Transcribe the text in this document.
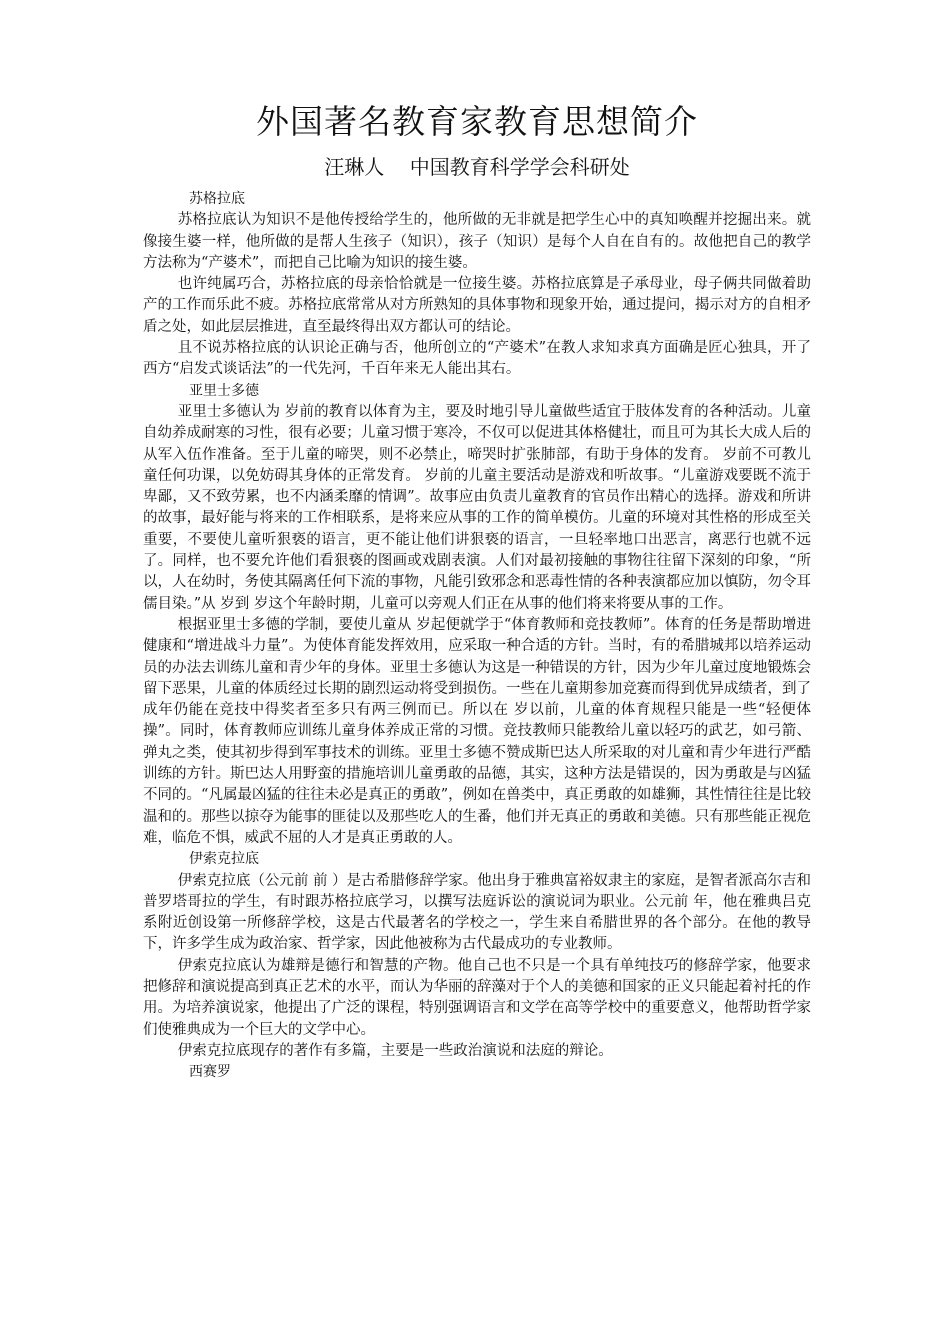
外国著名教育家教育思想简介
汪琳人    中国教育科学学会科研处
苏格拉底

苏格拉底认为知识不是他传授给学生的，他所做的无非就是把学生心中的真知唤醒并挖掘出来。就像接生婆一样，他所做的是帮人生孩子（知识），孩子（知识）是每个人自在自有的。故他把自己的教学方法称为“产婆术”，而把自己比喻为知识的接生婆。

也许纯属巧合，苏格拉底的母亲恰恰就是一位接生婆。苏格拉底算是子承母业，母子俩共同做着助产的工作而乐此不疲。苏格拉底常常从对方所熟知的具体事物和现象开始，通过提问，揭示对方的自相矛盾之处，如此层层推进，直至最终得出双方都认可的结论。

且不说苏格拉底的认识论正确与否，他所创立的“产婆术”在教人求知求真方面确是匠心独具，开了西方“启发式谈话法”的一代先河，千百年来无人能出其右。

亚里士多德

亚里士多德认为 岁前的教育以体育为主，要及时地引导儿童做些适宜于肢体发育的各种活动。儿童自幼养成耐寒的习性，很有必要；儿童习惯于寒冷，不仅可以促进其体格健壮，而且可为其长大成人后的从军入伍作准备。至于儿童的啼哭，则不必禁止，啼哭时扩张肺部，有助于身体的发育。 岁前不可教儿童任何功课，以免妨碍其身体的正常发育。 岁前的儿童主要活动是游戏和听故事。“儿童游戏要既不流于卑鄙，又不致劳累，也不内涵柔靡的情调”。故事应由负责儿童教育的官员作出精心的选择。游戏和所讲的故事，最好能与将来的工作相联系，是将来应从事的工作的简单模仿。儿童的环境对其性格的形成至关重要，不要使儿童听狠亵的语言，更不能让他们讲狠亵的语言，一旦轻率地口出恶言，离恶行也就不远了。同样，也不要允许他们看狠亵的图画或戏剧表演。人们对最初接触的事物往往留下深刻的印象，“所以，人在幼时，务使其隔离任何下流的事物，凡能引致邪念和恶毒性情的各种表演都应加以慎防，勿令耳儒目染。”从 岁到 岁这个年龄时期，儿童可以旁观人们正在从事的他们将来将要从事的工作。

根据亚里士多德的学制，要使儿童从 岁起便就学于“体育教师和竞技教师”。体育的任务是帮助增进健康和“增进战斗力量”。为使体育能发挥效用，应采取一种合适的方针。当时，有的希腊城邦以培养运动员的办法去训练儿童和青少年的身体。亚里士多德认为这是一种错误的方针，因为少年儿童过度地锻炼会留下恶果，儿童的体质经过长期的剧烈运动将受到损伤。一些在儿童期参加竞赛而得到优异成绩者，到了成年仍能在竞技中得奖者至多只有两三例而已。所以在 岁以前，儿童的体育规程只能是一些“轻便体操”。同时，体育教师应训练儿童身体养成正常的习惯。竞技教师只能教给儿童以轻巧的武艺，如弓箭、弹丸之类，使其初步得到军事技术的训练。亚里士多德不赞成斯巴达人所采取的对儿童和青少年进行严酷训练的方针。斯巴达人用野蛮的措施培训儿童勇敢的品德，其实，这种方法是错误的，因为勇敢是与凶猛不同的。“凡属最凶猛的往往未必是真正的勇敢”，例如在兽类中，真正勇敢的如雄狮，其性情往往是比较温和的。那些以掠夺为能事的匪徒以及那些吃人的生番，他们并无真正的勇敢和美德。只有那些能正视危难，临危不惧，威武不屈的人才是真正勇敢的人。

伊索克拉底

伊索克拉底（公元前 前 ）是古希腊修辞学家。他出身于雅典富裕奴隶主的家庭，是智者派高尔吉和普罗塔哥拉的学生，有时跟苏格拉底学习，以撰写法庭诉讼的演说词为职业。公元前 年，他在雅典吕克系附近创设第一所修辞学校，这是古代最著名的学校之一，学生来自希腊世界的各个部分。在他的教导下，许多学生成为政治家、哲学家，因此他被称为古代最成功的专业教师。

伊索克拉底认为雄辩是德行和智慧的产物。他自己也不只是一个具有单纯技巧的修辞学家，他要求把修辞和演说提高到真正艺术的水平，而认为华丽的辞藻对于个人的美德和国家的正义只能起着衬托的作用。为培养演说家，他提出了广泛的课程，特别强调语言和文学在高等学校中的重要意义，他帮助哲学家们使雅典成为一个巨大的文学中心。

伊索克拉底现存的著作有多篇，主要是一些政治演说和法庭的辩论。

西赛罗
